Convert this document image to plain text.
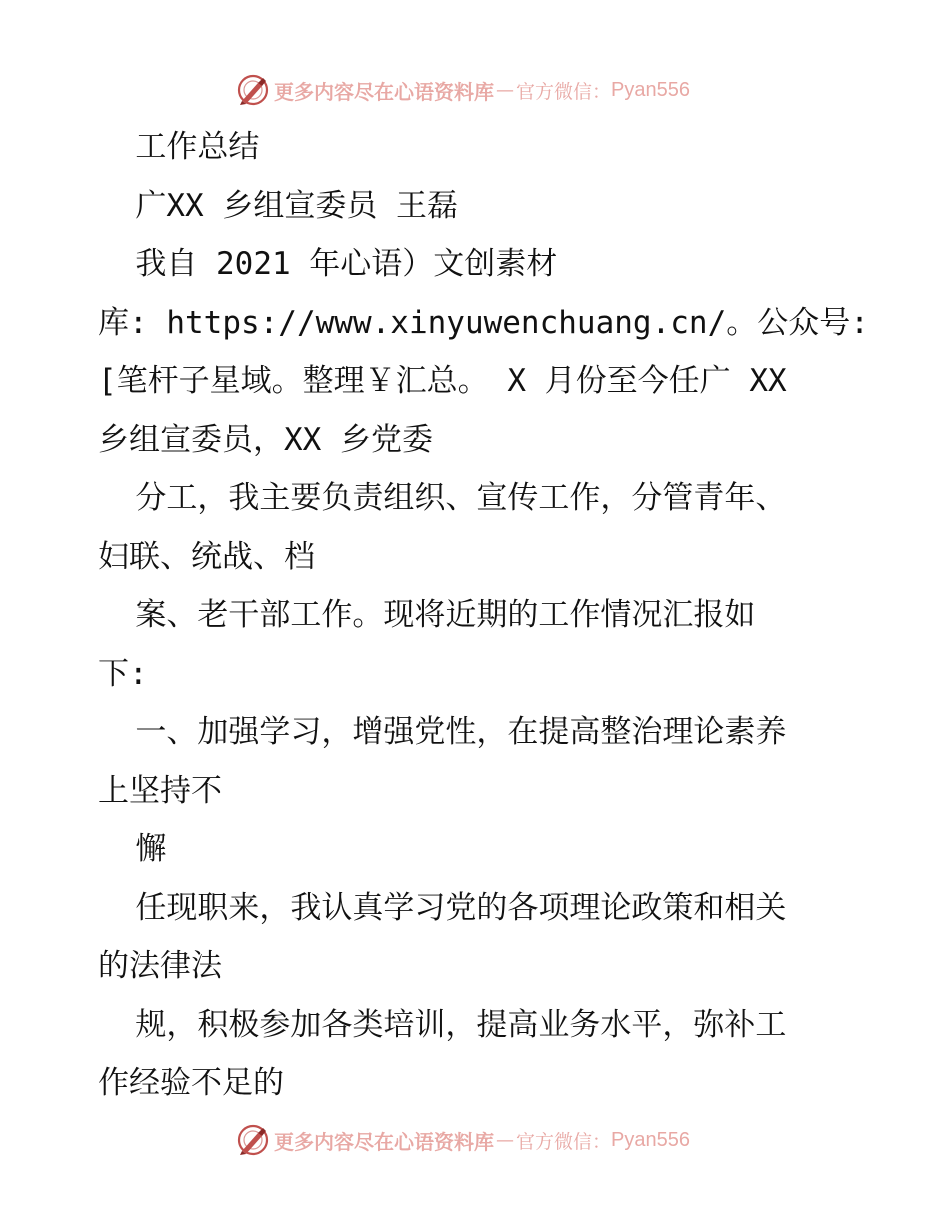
更多内容尽在心语资料库 — 官方微信： Pyan556
工作总结
广XX 乡组宣委员 王磊
我自 2021 年心语）文创素材
库: https://www.xinyuwenchuang.cn/。公众号:
[笔杆子星域。整理￥汇总。 X 月份至今任广 XX
乡组宣委员，XX 乡党委
分工，我主要负责组织、宣传工作，分管青年、
妇联、统战、档
案、老干部工作。现将近期的工作情况汇报如
下:
一、加强学习，增强党性，在提高整治理论素养
上坚持不
懈
任现职来，我认真学习党的各项理论政策和相关
的法律法
规，积极参加各类培训，提高业务水平，弥补工
作经验不足的
更多内容尽在心语资料库 — 官方微信： Pyan556
